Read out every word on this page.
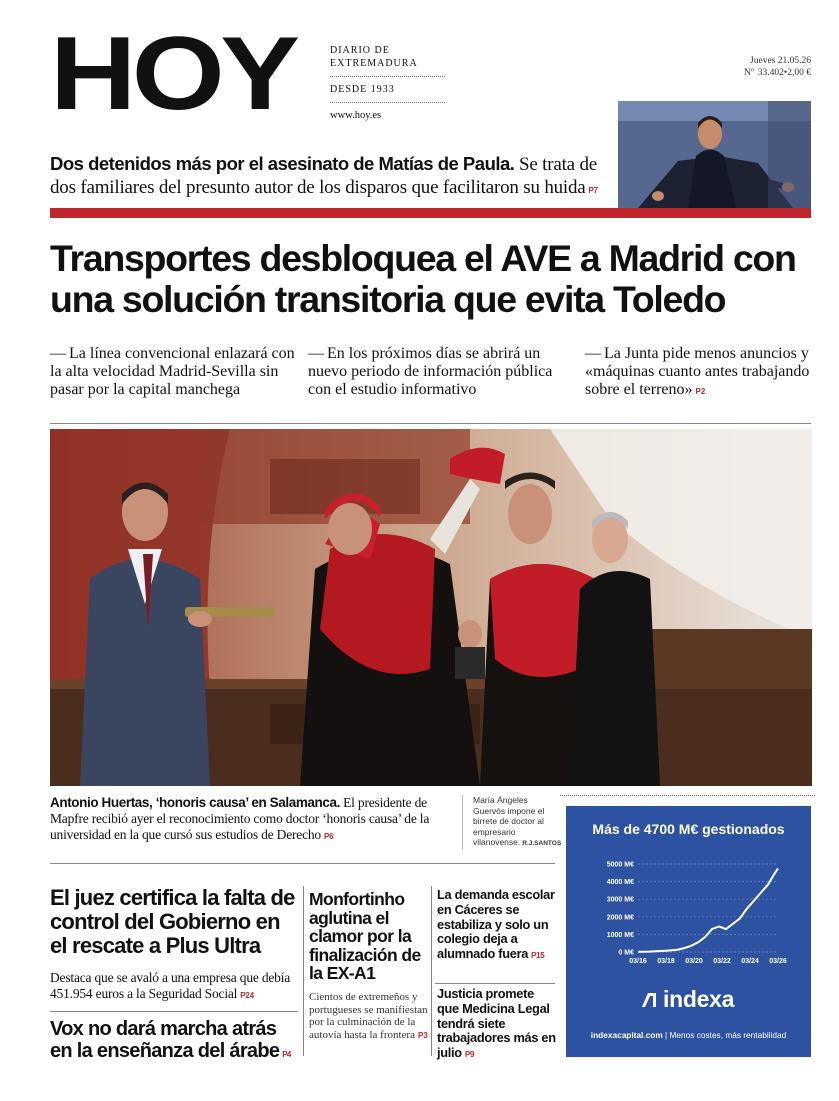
HOY	DIARIO DE
EXTREMADURA
DESDE 1933
www.hoy.es
Jueves 21.05.26
Nº 33.402•2,00 €
Dos detenidos más por el asesinato de Matías de Paula. Se trata de dos familiares del presunto autor de los disparos que facilitaron su huida P7
Transportes desbloquea el AVE a Madrid con una solución transitoria que evita Toledo
— La línea convencional enlazará con la alta velocidad Madrid-Sevilla sin pasar por la capital manchega
— En los próximos días se abrirá un nuevo periodo de información pública con el estudio informativo
— La Junta pide menos anuncios y «máquinas cuanto antes trabajando sobre el terreno» P2
Antonio Huertas, ‘honoris causa’ en Salamanca. El presidente de Mapfre recibió ayer el reconocimiento como doctor ‘honoris causa’ de la universidad en la que cursó sus estudios de Derecho P6
María Ángeles Guervós impone el birrete de doctor al empresario vilanovense. R.J.SANTOS
El juez certifica la falta de control del Gobierno en el rescate a Plus Ultra
Destaca que se avaló a una empresa que debía 451.954 euros a la Seguridad Social P24
Vox no dará marcha atrás en la enseñanza del árabe P4
Monfortinho aglutina el clamor por la finalización de la EX-A1
Cientos de extremeños y portugueses se manifiestan por la culminación de la autovía hasta la frontera P3
La demanda escolar en Cáceres se estabiliza y solo un colegio deja a alumnado fuera P15
Justicia promete que Medicina Legal tendrá siete trabajadores más en julio P9
Más de 4700 M€ gestionados
0 M€
1000 M€
2000 M€
3000 M€
4000 M€
5000 M€
03/16 03/18 03/20 03/22 03/24 03/26
indexa
indexacapital.com | Menos costes, más rentabilidad
